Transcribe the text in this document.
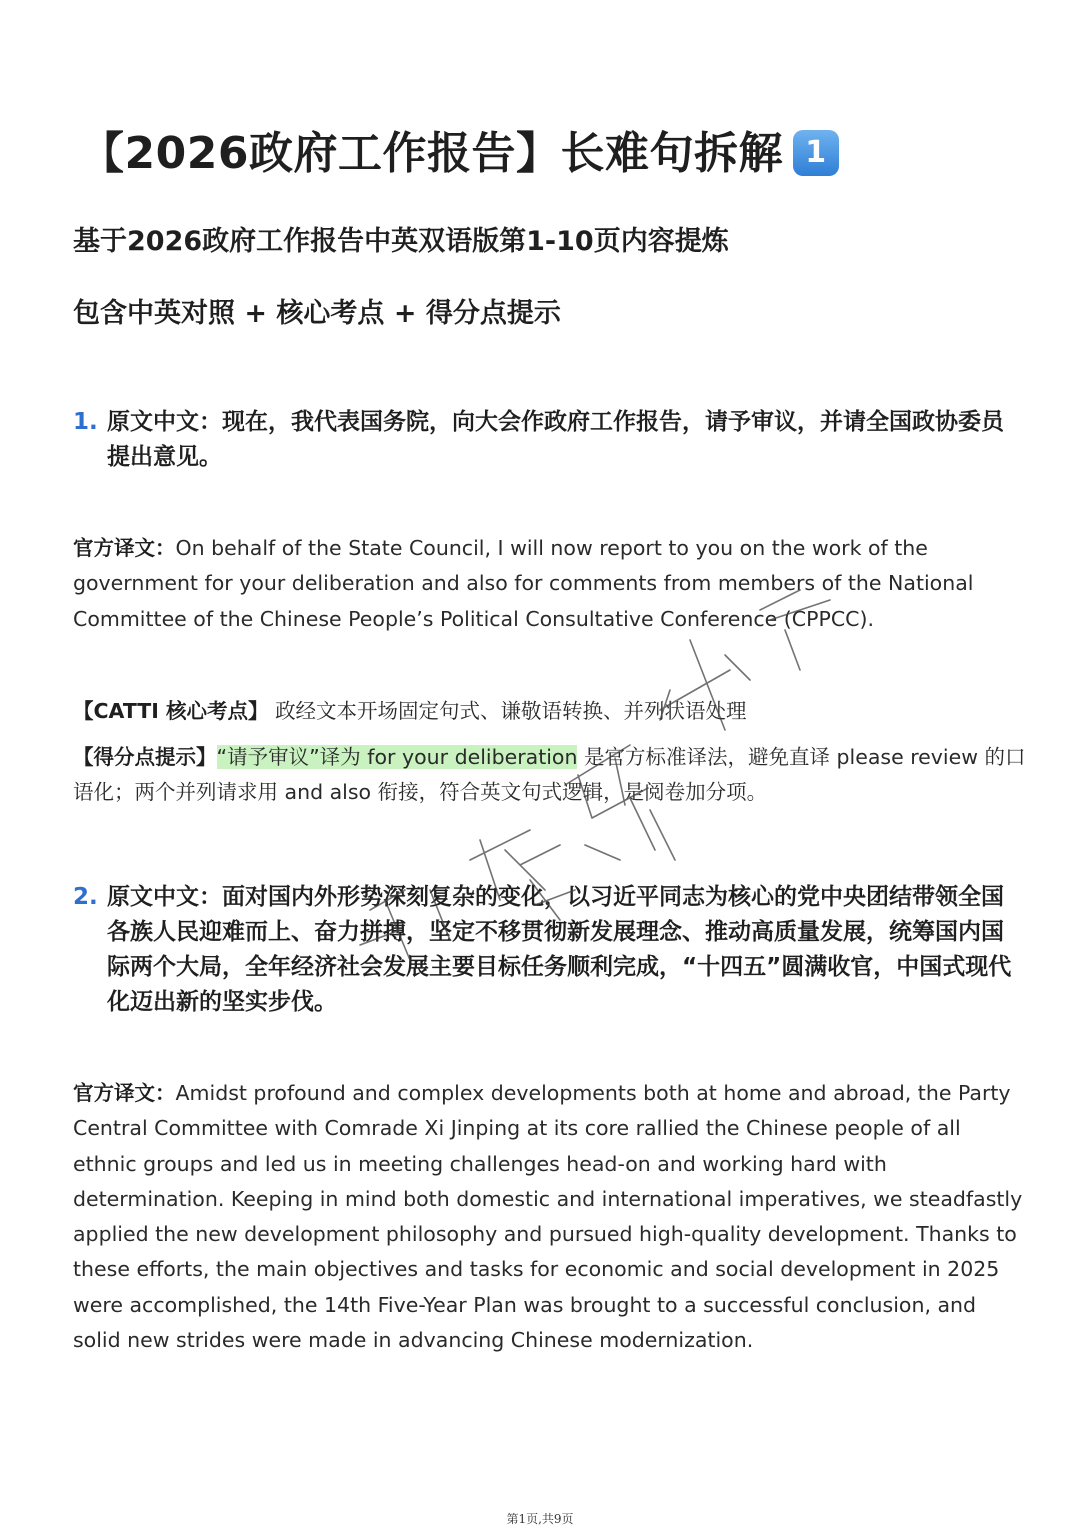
【2026政府工作报告】长难句拆解 1
基于2026政府工作报告中英双语版第1-10页内容提炼
包含中英对照 + 核心考点 + 得分点提示
1. 原文中文：现在，我代表国务院，向大会作政府工作报告，请予审议，并请全国政协委员提出意见。
官方译文：On behalf of the State Council, I will now report to you on the work of the government for your deliberation and also for comments from members of the National Committee of the Chinese People’s Political Consultative Conference (CPPCC).
【CATTI 核心考点】 政经文本开场固定句式、谦敬语转换、并列状语处理
【得分点提示】“请予审议”译为 for your deliberation 是官方标准译法，避免直译 please review 的口语化；两个并列请求用 and also 衔接，符合英文句式逻辑，是阅卷加分项。
2. 原文中文：面对国内外形势深刻复杂的变化，以习近平同志为核心的党中央团结带领全国各族人民迎难而上、奋力拼搏，坚定不移贯彻新发展理念、推动高质量发展，统筹国内国际两个大局，全年经济社会发展主要目标任务顺利完成，“十四五”圆满收官，中国式现代化迈出新的坚实步伐。
官方译文：Amidst profound and complex developments both at home and abroad, the Party Central Committee with Comrade Xi Jinping at its core rallied the Chinese people of all ethnic groups and led us in meeting challenges head-on and working hard with determination. Keeping in mind both domestic and international imperatives, we steadfastly applied the new development philosophy and pursued high-quality development. Thanks to these efforts, the main objectives and tasks for economic and social development in 2025 were accomplished, the 14th Five-Year Plan was brought to a successful conclusion, and solid new strides were made in advancing Chinese modernization.
第1页,共9页
